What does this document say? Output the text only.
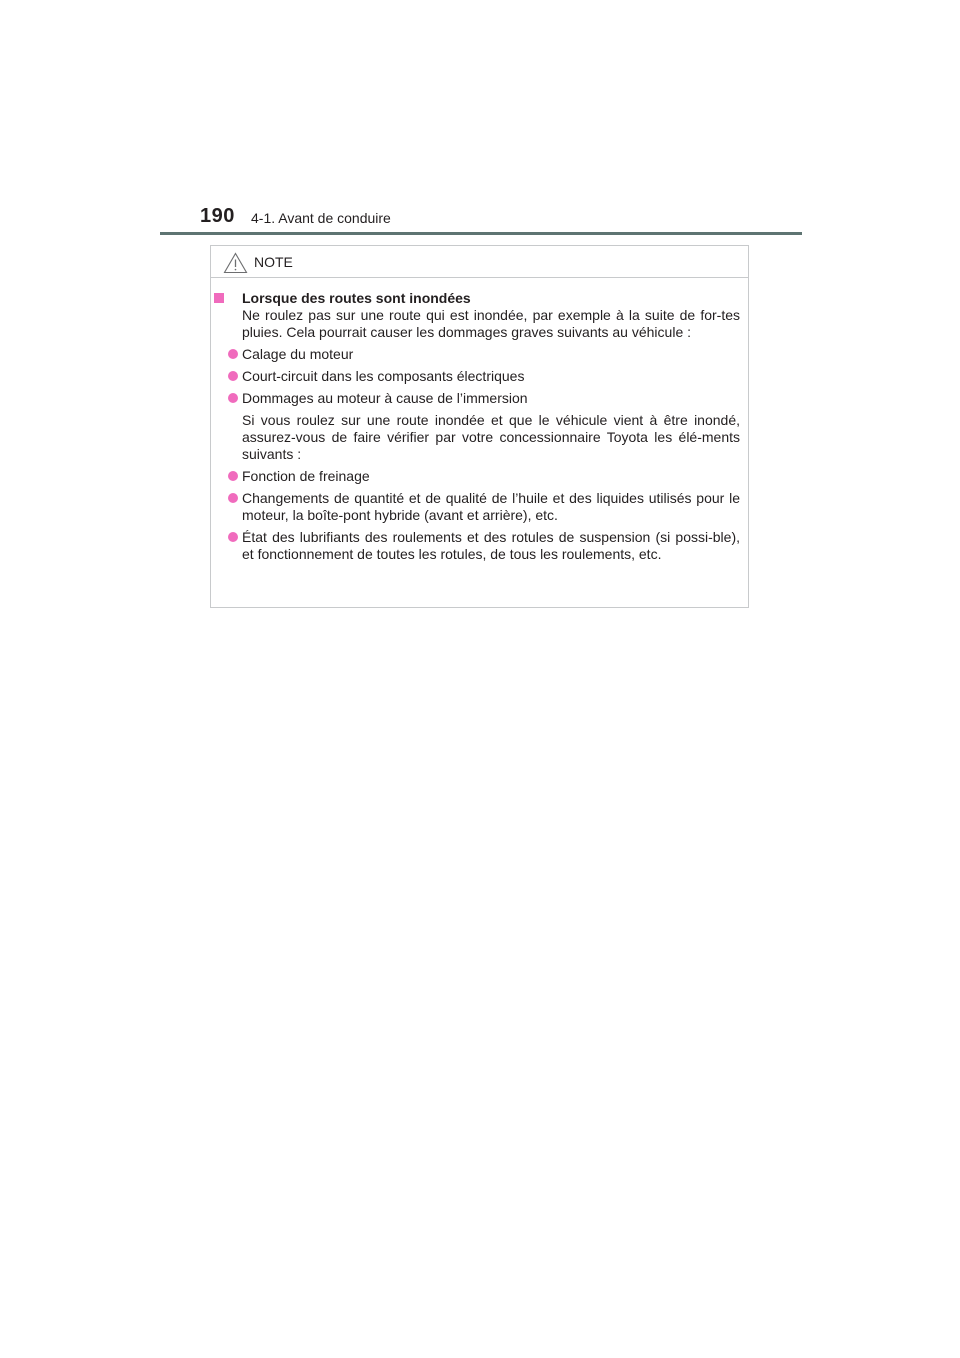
190 4-1. Avant de conduire
NOTE
Lorsque des routes sont inondées

Ne roulez pas sur une route qui est inondée, par exemple à la suite de for-tes pluies. Cela pourrait causer les dommages graves suivants au véhicule :

Calage du moteur
Court-circuit dans les composants électriques
Dommages au moteur à cause de l’immersion

Si vous roulez sur une route inondée et que le véhicule vient à être inondé, assurez-vous de faire vérifier par votre concessionnaire Toyota les élé-ments suivants :

Fonction de freinage
Changements de quantité et de qualité de l’huile et des liquides utilisés pour le moteur, la boîte-pont hybride (avant et arrière), etc.
État des lubrifiants des roulements et des rotules de suspension (si possi-ble), et fonctionnement de toutes les rotules, de tous les roulements, etc.
